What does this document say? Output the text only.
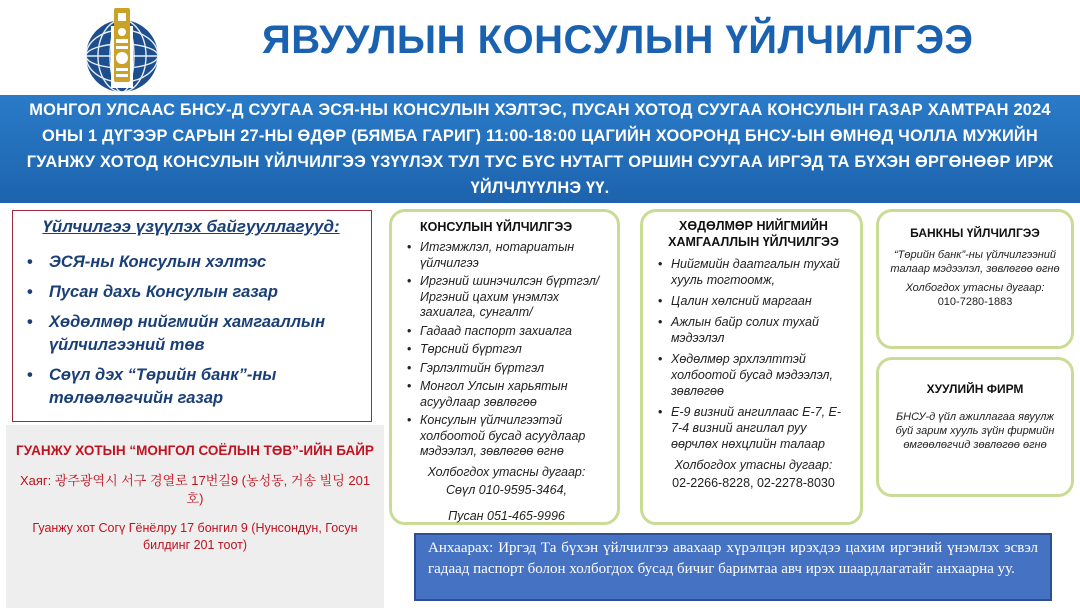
ЯВУУЛЫН КОНСУЛЫН ҮЙЛЧИЛГЭЭ
МОНГОЛ УЛСААС БНСУ-Д СУУГАА ЭСЯ-НЫ КОНСУЛЫН ХЭЛТЭС, ПУСАН ХОТОД СУУГАА КОНСУЛЫН ГАЗАР ХАМТРАН 2024 ОНЫ 1 ДҮГЭЭР САРЫН 27-НЫ ӨДӨР (БЯМБА ГАРИГ) 11:00-18:00 ЦАГИЙН ХООРОНД БНСУ-ЫН ӨМНӨД ЧОЛЛА МУЖИЙН ГУАНЖУ ХОТОД КОНСУЛЫН ҮЙЛЧИЛГЭЭ ҮЗҮҮЛЭХ ТУЛ ТУС БҮС НУТАГТ ОРШИН СУУГАА ИРГЭД ТА БҮХЭН ӨРГӨНӨӨР ИРЖ ҮЙЛЧЛҮҮЛНЭ ҮҮ.
Үйлчилгээ үзүүлэх байгууллагууд:
• ЭСЯ-ны Консулын хэлтэс
• Пусан дахь Консулын газар
• Хөдөлмөр нийгмийн хамгааллын үйлчилгээний төв
• Сөүл дэх “Төрийн банк”-ны төлөөлөгчийн газар
ГУАНЖУ ХОТЫН “МОНГОЛ СОЁЛЫН ТӨВ”-ИЙН БАЙР
Хаяг: 광주광역시 서구 경열로 17번길9 (농성동, 거송 빌딩 201호)
Гуанжу хот Согү Гёнёлру 17 бонгил 9 (Нунсондун, Госун билдинг 201 тоот)
КОНСУЛЫН ҮЙЛЧИЛГЭЭ
• Итгэмжлэл, нотариатын үйлчилгээ
• Иргэний шинэчилсэн бүртгэл/Иргэний цахим үнэмлэх захиалга, сунгалт/
• Гадаад паспорт захиалга
• Төрсний бүртгэл
• Гэрлэлтийн бүртгэл
• Монгол Улсын харьятын асуудлаар зөвлөгөө
• Консулын үйлчилгээтэй холбоотой бусад асуудлаар мэдээлэл, зөвлөгөө өгнө
Холбогдох утасны дугаар:
Сөүл 010-9595-3464,
Пусан 051-465-9996
ХӨДӨЛМӨР НИЙГМИЙН ХАМГААЛЛЫН ҮЙЛЧИЛГЭЭ
• Нийгмийн даатгалын тухай хууль тогтоомж,
• Цалин хөлсний маргаан
• Ажлын байр солих тухай мэдээлэл
• Хөдөлмөр эрхлэлттэй холбоотой бусад мэдээлэл, зөвлөгөө
• E-9 визний ангиллаас E-7, E-7-4 визний ангилал руу өөрчлөх нөхцлийн талаар
Холбогдох утасны дугаар:
02-2266-8228, 02-2278-8030
БАНКНЫ ҮЙЛЧИЛГЭЭ
“Төрийн банк”-ны үйлчилгээний талаар мэдээлэл, зөвлөгөө өгнө
Холбогдох утасны дугаар:
010-7280-1883
ХУУЛИЙН ФИРМ
БНСУ-д үйл ажиллагаа явуулж буй зарим хууль зүйн фирмийн өмгөөлөгчид зөвлөгөө өгнө
Анхаарах: Иргэд Та бүхэн үйлчилгээ авахаар хүрэлцэн ирэхдээ цахим иргэний үнэмлэх эсвэл гадаад паспорт болон холбогдох бусад бичиг баримтаа авч ирэх шаардлагатайг анхаарна уу.
